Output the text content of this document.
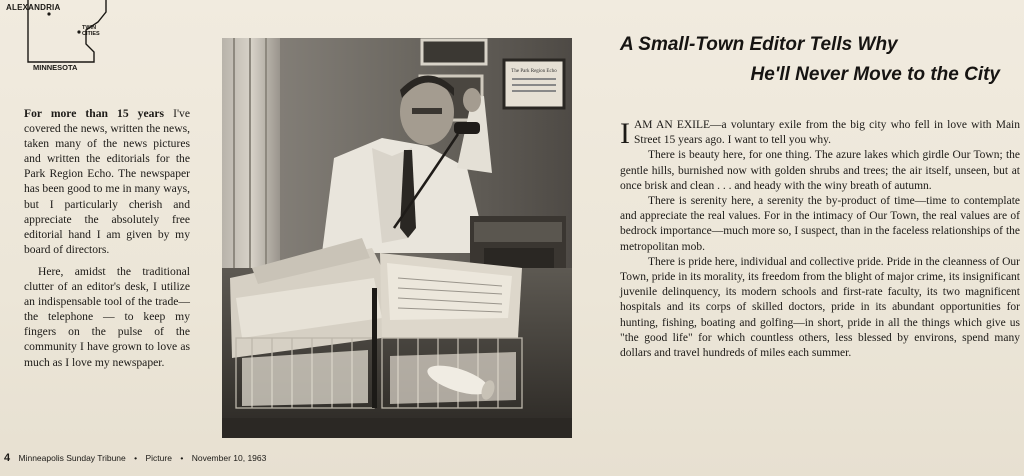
ALEXANDRIA
TWIN CITIES
MINNESOTA

For more than 15 years I've covered the news, written the news, taken many of the news pictures and written the editorials for the Park Region Echo. The newspaper has been good to me in many ways, but I particularly cherish and appreciate the absolutely free editorial hand I am given by my board of directors.

Here, amidst the traditional clutter of an editor's desk, I utilize an indispensable tool of the trade—the telephone — to keep my fingers on the pulse of the community I have grown to love as much as I love my newspaper.

The Park Region Echo
A Small-Town Editor Tells Why
He'll Never Move to the City

I AM AN EXILE—a voluntary exile from the big city who fell in love with Main Street 15 years ago. I want to tell you why.

There is beauty here, for one thing. The azure lakes which girdle Our Town; the gentle hills, burnished now with golden shrubs and trees; the air itself, unseen, but at once brisk and clean . . . and heady with the winy breath of autumn.

There is serenity here, a serenity the by-product of time—time to contemplate and appreciate the real values. For in the intimacy of Our Town, the real values are of bedrock importance—much more so, I suspect, than in the faceless relationships of the metropolitan mob.

There is pride here, individual and collective pride. Pride in the cleanness of Our Town, pride in its morality, its freedom from the blight of major crime, its insignificant juvenile delinquency, its modern schools and first-rate faculty, its two magnificent hospitals and its corps of skilled doctors, pride in its abundant opportunities for hunting, fishing, boating and golfing—in short, pride in all the things which give us "the good life" for which countless others, less blessed by environs, spend many dollars and travel hundreds of miles each summer.

4 Minneapolis Sunday Tribune • Picture • November 10, 1963
